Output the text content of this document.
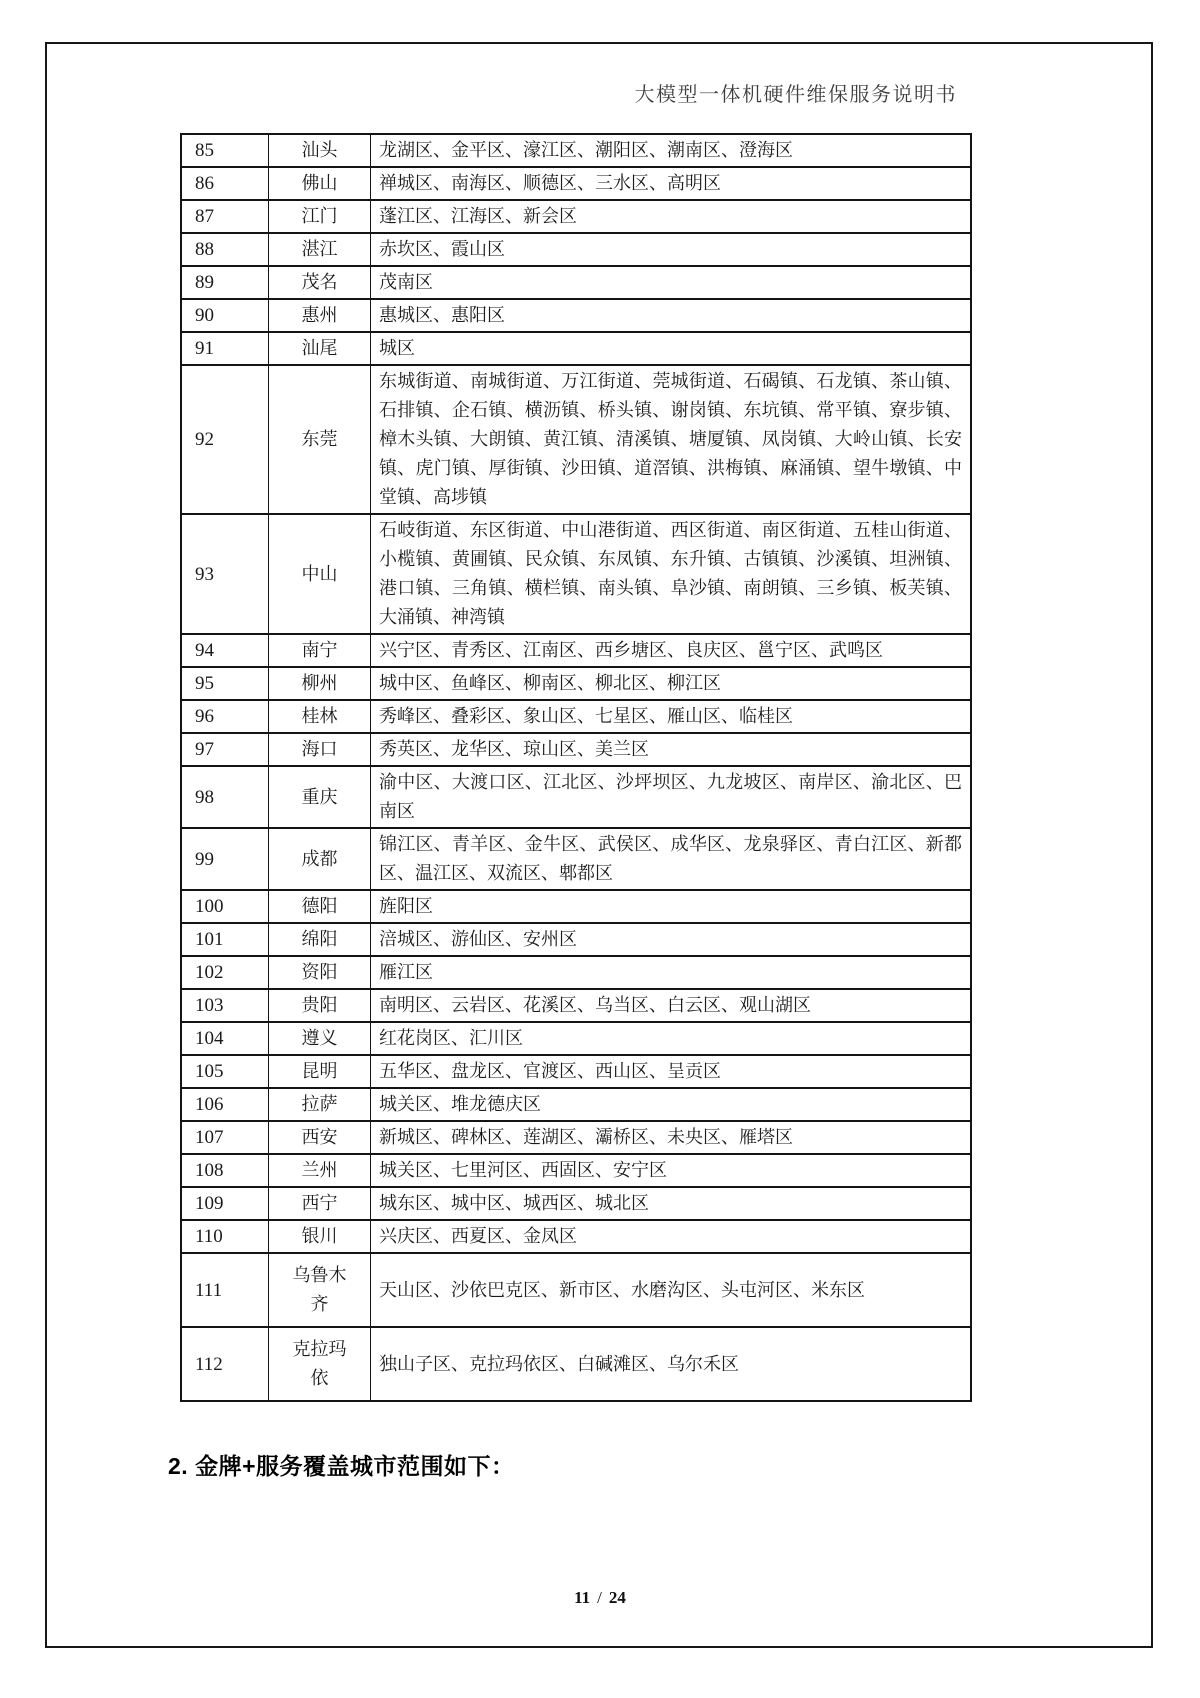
大模型一体机硬件维保服务说明书
85	汕头	龙湖区、金平区、濠江区、潮阳区、潮南区、澄海区
86	佛山	禅城区、南海区、顺德区、三水区、高明区
87	江门	蓬江区、江海区、新会区
88	湛江	赤坎区、霞山区
89	茂名	茂南区
90	惠州	惠城区、惠阳区
91	汕尾	城区
92	东莞	东城街道、南城街道、万江街道、莞城街道、石碣镇、石龙镇、茶山镇、石排镇、企石镇、横沥镇、桥头镇、谢岗镇、东坑镇、常平镇、寮步镇、樟木头镇、大朗镇、黄江镇、清溪镇、塘厦镇、凤岗镇、大岭山镇、长安镇、虎门镇、厚街镇、沙田镇、道滘镇、洪梅镇、麻涌镇、望牛墩镇、中堂镇、高埗镇
93	中山	石岐街道、东区街道、中山港街道、西区街道、南区街道、五桂山街道、小榄镇、黄圃镇、民众镇、东凤镇、东升镇、古镇镇、沙溪镇、坦洲镇、港口镇、三角镇、横栏镇、南头镇、阜沙镇、南朗镇、三乡镇、板芙镇、大涌镇、神湾镇
94	南宁	兴宁区、青秀区、江南区、西乡塘区、良庆区、邕宁区、武鸣区
95	柳州	城中区、鱼峰区、柳南区、柳北区、柳江区
96	桂林	秀峰区、叠彩区、象山区、七星区、雁山区、临桂区
97	海口	秀英区、龙华区、琼山区、美兰区
98	重庆	渝中区、大渡口区、江北区、沙坪坝区、九龙坡区、南岸区、渝北区、巴南区
99	成都	锦江区、青羊区、金牛区、武侯区、成华区、龙泉驿区、青白江区、新都区、温江区、双流区、郫都区
100	德阳	旌阳区
101	绵阳	涪城区、游仙区、安州区
102	资阳	雁江区
103	贵阳	南明区、云岩区、花溪区、乌当区、白云区、观山湖区
104	遵义	红花岗区、汇川区
105	昆明	五华区、盘龙区、官渡区、西山区、呈贡区
106	拉萨	城关区、堆龙德庆区
107	西安	新城区、碑林区、莲湖区、灞桥区、未央区、雁塔区
108	兰州	城关区、七里河区、西固区、安宁区
109	西宁	城东区、城中区、城西区、城北区
110	银川	兴庆区、西夏区、金凤区
111	乌鲁木齐	天山区、沙依巴克区、新市区、水磨沟区、头屯河区、米东区
112	克拉玛依	独山子区、克拉玛依区、白碱滩区、乌尔禾区
2. 金牌+服务覆盖城市范围如下：
11 / 24
